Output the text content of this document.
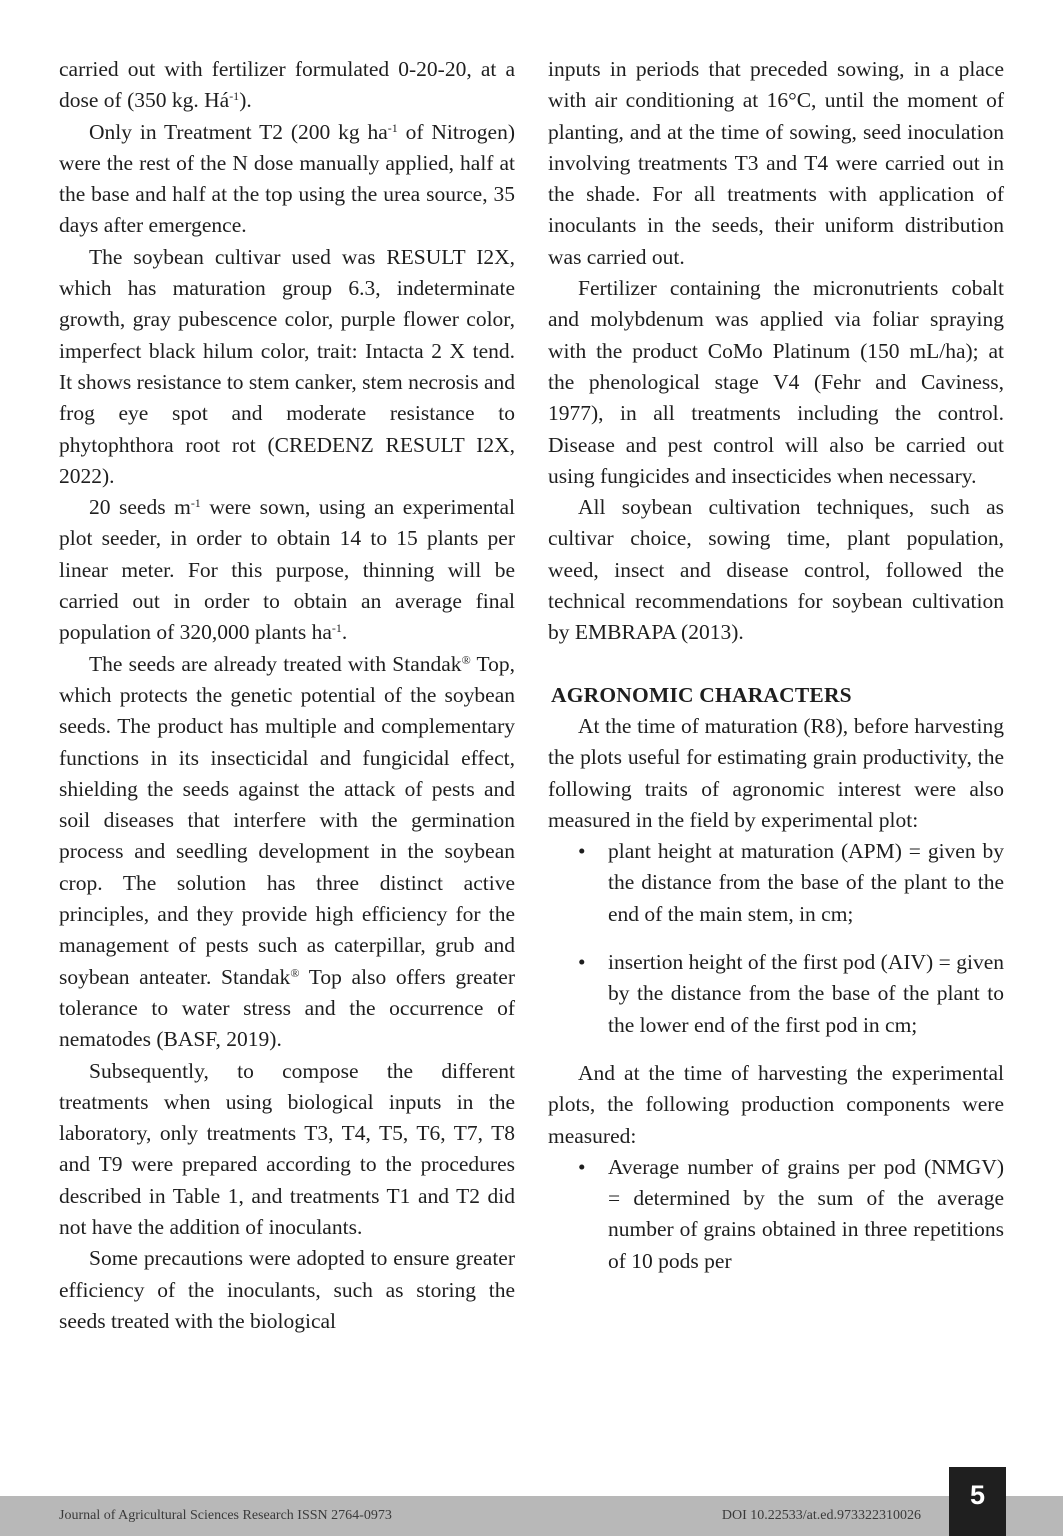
carried out with fertilizer formulated 0-20-20, at a dose of (350 kg. $Há^{-1}$).

Only in Treatment T2 (200 kg $ha^{-1}$ of Nitrogen) were the rest of the N dose manually applied, half at the base and half at the top using the urea source, 35 days after emergence.

The soybean cultivar used was RESULT I2X, which has maturation group 6.3, indeterminate growth, gray pubescence color, purple flower color, imperfect black hilum color, trait: Intacta 2 X tend. It shows resistance to stem canker, stem necrosis and frog eye spot and moderate resistance to phytophthora root rot (CREDENZ RESULT I2X, 2022).

20 seeds $m^{-1}$ were sown, using an experimental plot seeder, in order to obtain 14 to 15 plants per linear meter. For this purpose, thinning will be carried out in order to obtain an average final population of 320,000 plants $ha^{-1}$.

The seeds are already treated with Standak® Top, which protects the genetic potential of the soybean seeds. The product has multiple and complementary functions in its insecticidal and fungicidal effect, shielding the seeds against the attack of pests and soil diseases that interfere with the germination process and seedling development in the soybean crop. The solution has three distinct active principles, and they provide high efficiency for the management of pests such as caterpillar, grub and soybean anteater. Standak® Top also offers greater tolerance to water stress and the occurrence of nematodes (BASF, 2019).

Subsequently, to compose the different treatments when using biological inputs in the laboratory, only treatments T3, T4, T5, T6, T7, T8 and T9 were prepared according to the procedures described in Table 1, and treatments T1 and T2 did not have the addition of inoculants.

Some precautions were adopted to ensure greater efficiency of the inoculants, such as storing the seeds treated with the biological

inputs in periods that preceded sowing, in a place with air conditioning at 16°C, until the moment of planting, and at the time of sowing, seed inoculation involving treatments T3 and T4 were carried out in the shade. For all treatments with application of inoculants in the seeds, their uniform distribution was carried out.

Fertilizer containing the micronutrients cobalt and molybdenum was applied via foliar spraying with the product CoMo Platinum (150 mL/ha); at the phenological stage V4 (Fehr and Caviness, 1977), in all treatments including the control. Disease and pest control will also be carried out using fungicides and insecticides when necessary.

All soybean cultivation techniques, such as cultivar choice, sowing time, plant population, weed, insect and disease control, followed the technical recommendations for soybean cultivation by EMBRAPA (2013).

AGRONOMIC CHARACTERS

At the time of maturation (R8), before harvesting the plots useful for estimating grain productivity, the following traits of agronomic interest were also measured in the field by experimental plot:

• plant height at maturation (APM) = given by the distance from the base of the plant to the end of the main stem, in cm;
• insertion height of the first pod (AIV) = given by the distance from the base of the plant to the lower end of the first pod in cm;

And at the time of harvesting the experimental plots, the following production components were measured:

• Average number of grains per pod (NMGV) = determined by the sum of the average number of grains obtained in three repetitions of 10 pods per
Journal of Agricultural Sciences Research ISSN 2764-0973	DOI 10.22533/at.ed.973322310026
5
